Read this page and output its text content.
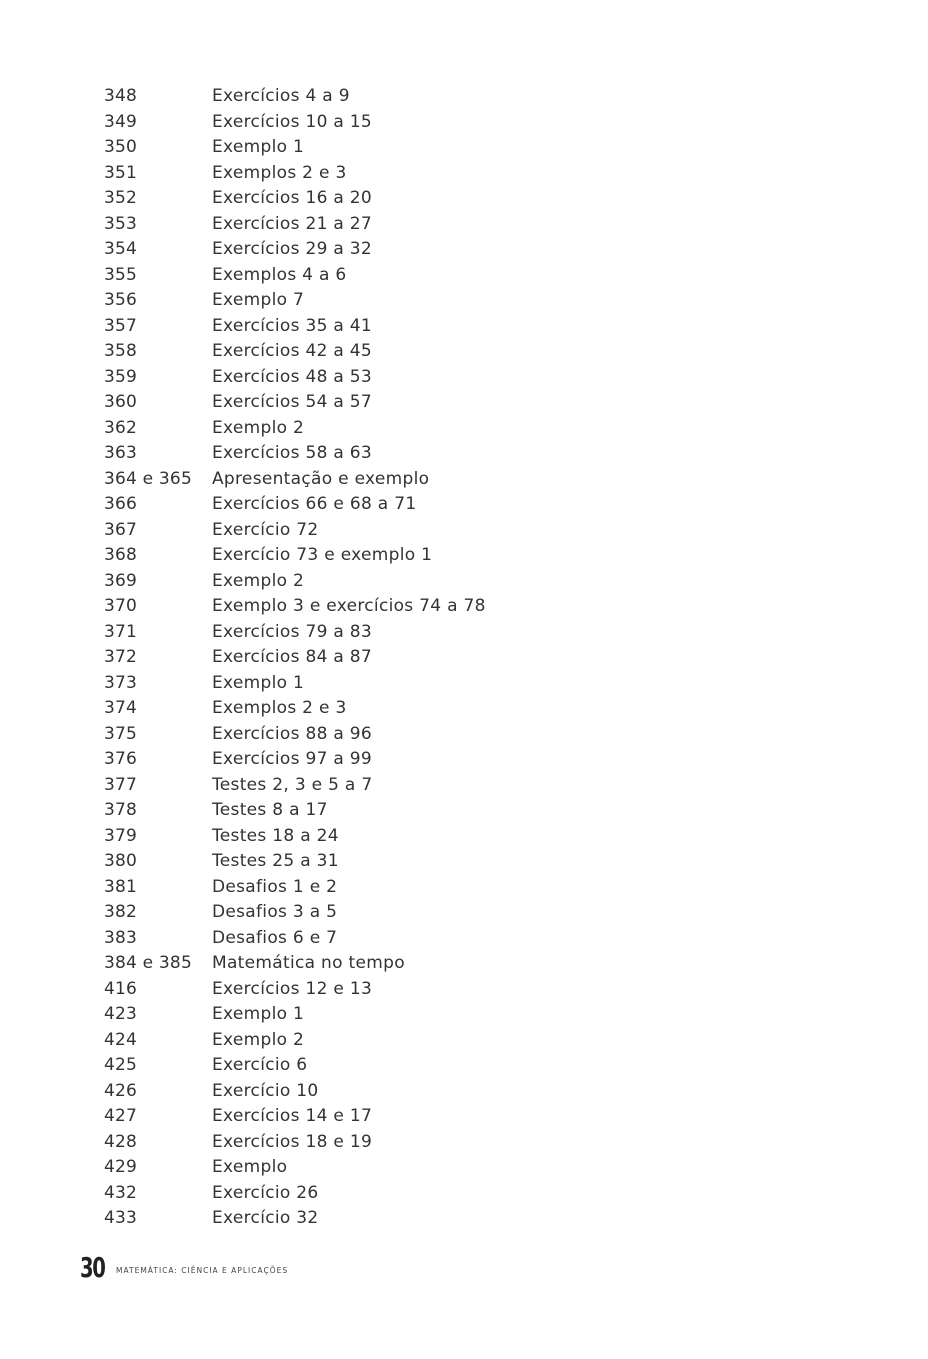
348	Exercícios 4 a 9
349	Exercícios 10 a 15
350	Exemplo 1
351	Exemplos 2 e 3
352	Exercícios 16 a 20
353	Exercícios 21 a 27
354	Exercícios 29 a 32
355	Exemplos 4 a 6
356	Exemplo 7
357	Exercícios 35 a 41
358	Exercícios 42 a 45
359	Exercícios 48 a 53
360	Exercícios 54 a 57
362	Exemplo 2
363	Exercícios 58 a 63
364 e 365	Apresentação e exemplo
366	Exercícios 66 e 68 a 71
367	Exercício 72
368	Exercício 73 e exemplo 1
369	Exemplo 2
370	Exemplo 3 e exercícios 74 a 78
371	Exercícios 79 a 83
372	Exercícios 84 a 87
373	Exemplo 1
374	Exemplos 2 e 3
375	Exercícios 88 a 96
376	Exercícios 97 a 99
377	Testes 2, 3 e 5 a 7
378	Testes 8 a 17
379	Testes 18 a 24
380	Testes 25 a 31
381	Desafios 1 e 2
382	Desafios 3 a 5
383	Desafios 6 e 7
384 e 385	Matemática no tempo
416	Exercícios 12 e 13
423	Exemplo 1
424	Exemplo 2
425	Exercício 6
426	Exercício 10
427	Exercícios 14 e 17
428	Exercícios 18 e 19
429	Exemplo
432	Exercício 26
433	Exercício 32
30 MATEMÁTICA: CIÊNCIA E APLICAÇÕES
